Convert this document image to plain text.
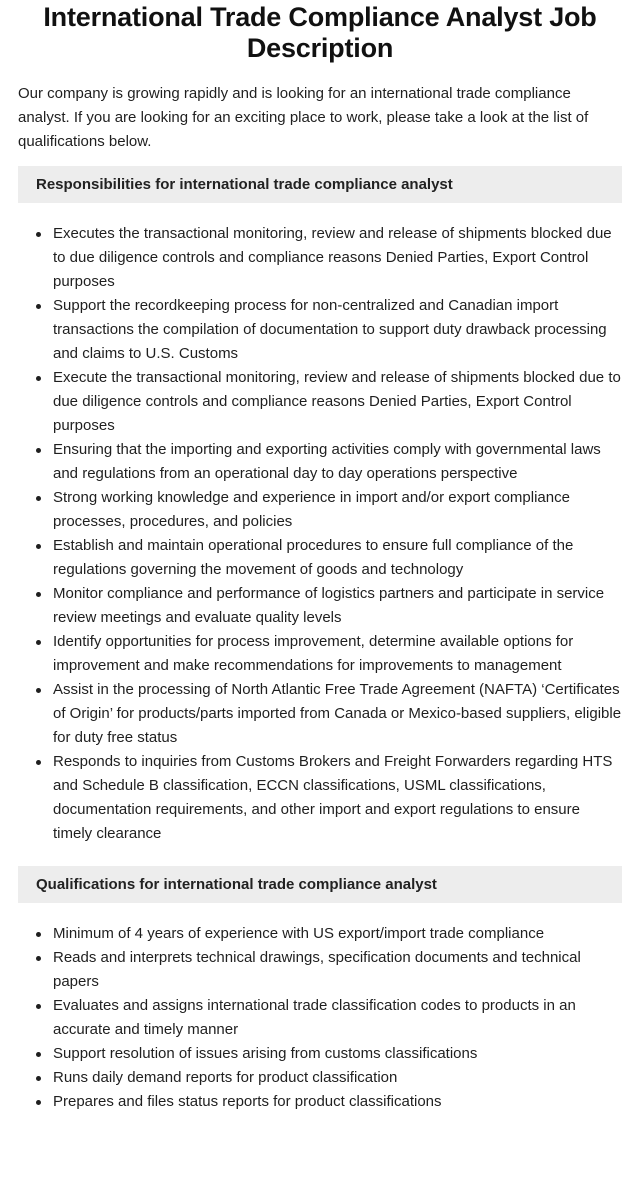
International Trade Compliance Analyst Job Description

Our company is growing rapidly and is looking for an international trade compliance analyst. If you are looking for an exciting place to work, please take a look at the list of qualifications below.

Responsibilities for international trade compliance analyst
Executes the transactional monitoring, review and release of shipments blocked due to due diligence controls and compliance reasons Denied Parties, Export Control purposes
Support the recordkeeping process for non-centralized and Canadian import transactions the compilation of documentation to support duty drawback processing and claims to U.S. Customs
Execute the transactional monitoring, review and release of shipments blocked due to due diligence controls and compliance reasons Denied Parties, Export Control purposes
Ensuring that the importing and exporting activities comply with governmental laws and regulations from an operational day to day operations perspective
Strong working knowledge and experience in import and/or export compliance processes, procedures, and policies
Establish and maintain operational procedures to ensure full compliance of the regulations governing the movement of goods and technology
Monitor compliance and performance of logistics partners and participate in service review meetings and evaluate quality levels
Identify opportunities for process improvement, determine available options for improvement and make recommendations for improvements to management
Assist in the processing of North Atlantic Free Trade Agreement (NAFTA) ‘Certificates of Origin’ for products/parts imported from Canada or Mexico-based suppliers, eligible for duty free status
Responds to inquiries from Customs Brokers and Freight Forwarders regarding HTS and Schedule B classification, ECCN classifications, USML classifications, documentation requirements, and other import and export regulations to ensure timely clearance
Qualifications for international trade compliance analyst
Minimum of 4 years of experience with US export/import trade compliance
Reads and interprets technical drawings, specification documents and technical papers
Evaluates and assigns international trade classification codes to products in an accurate and timely manner
Support resolution of issues arising from customs classifications
Runs daily demand reports for product classification
Prepares and files status reports for product classifications
